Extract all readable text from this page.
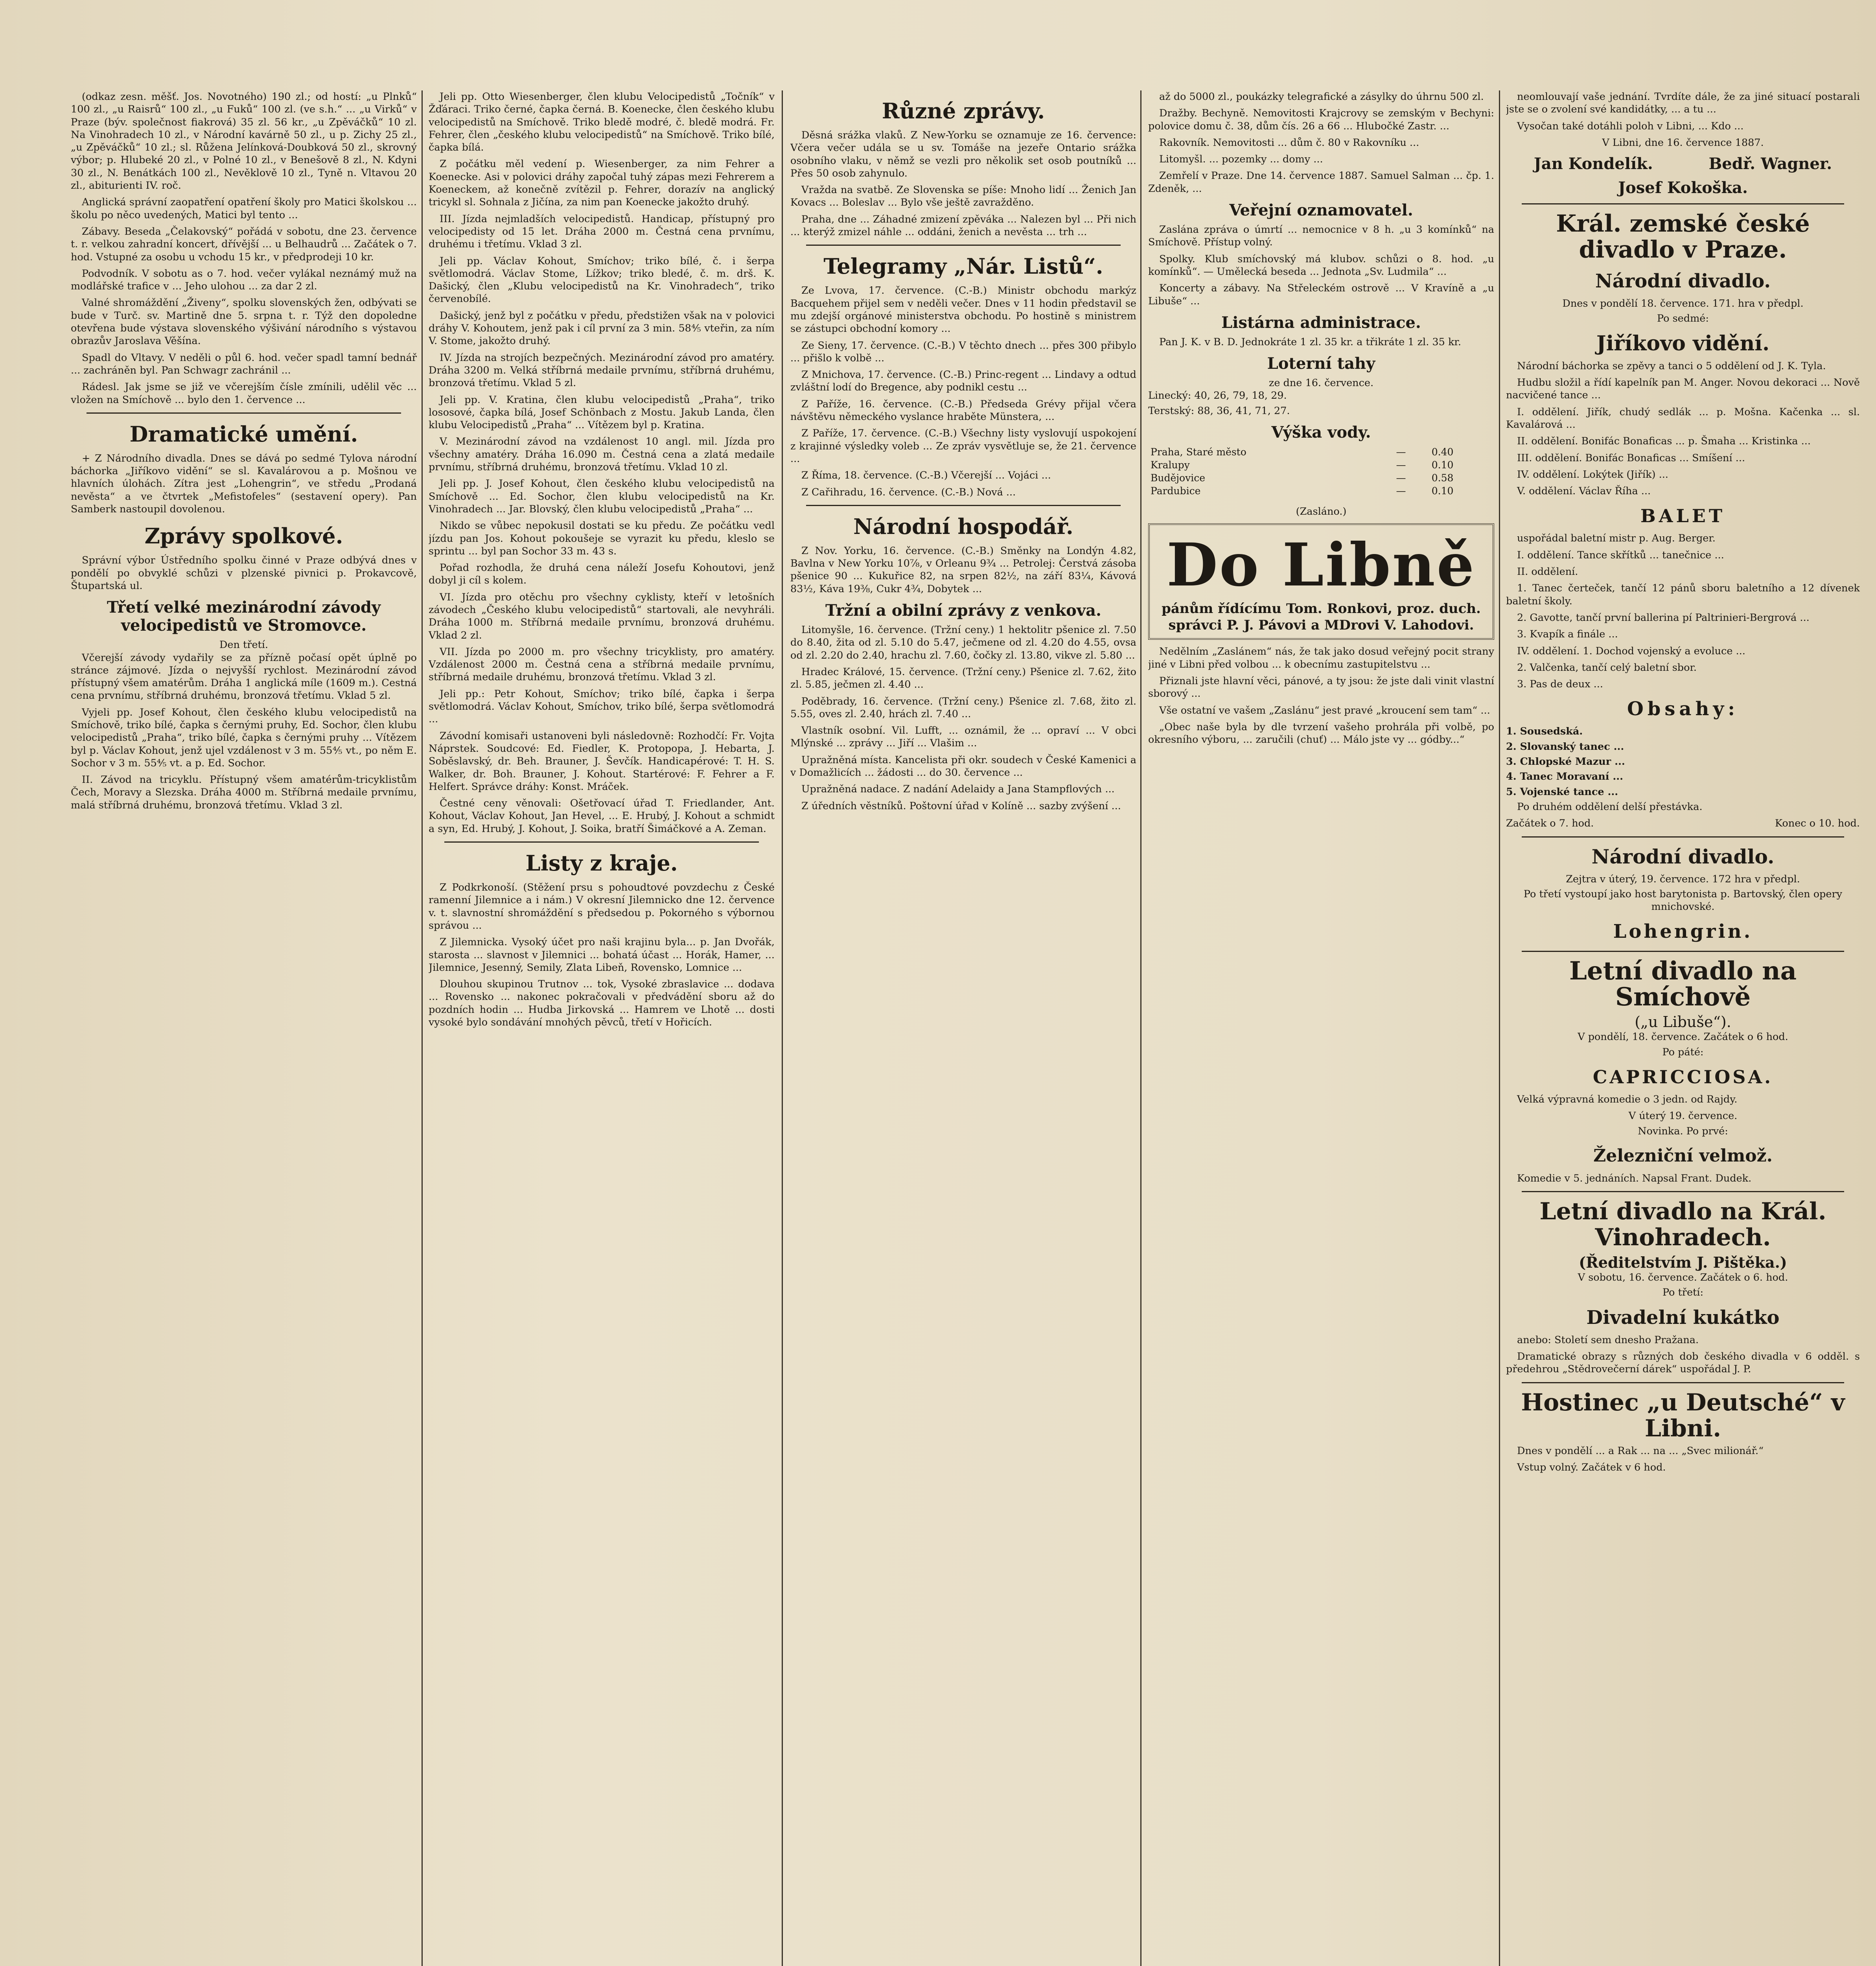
(odkaz zesn. měšť. Jos. Novotného) 190 zl.; od hostí: „u Plnků“ 100 zl., „u Raisrů“ 100 zl., „u Fuků“ 100 zl. (ve s.h.“ ... „u Virků“ v Praze (býv. společnost fiakrová) 35 zl. 56 kr., „u Zpěváčků“ 10 zl. Na Vinohradech 10 zl., v Národní kavárně 50 zl., u p. Zichy 25 zl., „u Zpěváčků“ 10 zl.; sl. Růžena Jelínková-Doubková 50 zl., skrovný výbor; p. Hlubeké 20 zl., v Polné 10 zl., v Benešově 8 zl., N. Kdyni 30 zl., N. Benátkách 100 zl., Nevěklově 10 zl., Tyně n. Vltavou 20 zl., abiturienti IV. roč.

Anglická správní zaopatření opatření školy pro Matici školskou ... školu po něco uvedených, Matici byl tento ...

Zábavy. Beseda „Čelakovský“ pořádá v sobotu, dne 23. července t. r. velkou zahradní koncert, dřívější ... u Belhaudrů ... Začátek o 7. hod. Vstupné za osobu u vchodu 15 kr., v předprodeji 10 kr.

Podvodník. V sobotu as o 7. hod. večer vylákal neznámý muž na modlářské trafice v ... Jeho ulohou ... za dar 2 zl.

Valné shromáždění „Živeny“, spolku slovenských žen, odbývati se bude v Turč. sv. Martině dne 5. srpna t. r. Týž den dopoledne otevřena bude výstava slovenského výšivání národního s výstavou obrazův Jaroslava Věšína.

Spadl do Vltavy. V neděli o půl 6. hod. večer spadl tamní bednář ... zachráněn byl. Pan Schwagr zachránil ...

Rádesl. Jak jsme se již ve včerejším čísle zmínili, udělil věc ... vložen na Smíchově ... bylo den 1. července ...

Dramatické umění.

+ Z Národního divadla. Dnes se dává po sedmé Tylova národní báchorka „Jiříkovo vidění“ se sl. Kavalárovou a p. Mošnou ve hlavních úlohách. Zítra jest „Lohengrin“, ve středu „Prodaná nevěsta“ a ve čtvrtek „Mefistofeles“ (sestavení opery). Pan Samberk nastoupil dovolenou.

Zprávy spolkové.

Správní výbor Ústředního spolku činné v Praze odbývá dnes v pondělí po obvyklé schůzi v plzenské pivnici p. Prokavcově, Štupartská ul.

Třetí velké mezinárodní závody velocipedistů ve Stromovce.
Den třetí.

Včerejší závody vydařily se za přízně počasí opět úplně po stránce zájmové. Jízda o nejvyšší rychlost. Mezinárodní závod přístupný všem amatérům. Dráha 1 anglická míle (1609 m.). Cestná cena prvnímu, stříbrná druhému, bronzová třetímu. Vklad 5 zl.

Vyjeli pp. Josef Kohout, člen českého klubu velocipedistů na Smíchově, triko bílé, čapka s černými pruhy, Ed. Sochor, člen klubu velocipedistů „Praha“, triko bílé, čapka s černými pruhy ... Vítězem byl p. Václav Kohout, jenž ujel vzdálenost v 3 m. 55⅘ vt., po něm E. Sochor v 3 m. 55⅘ vt. a p. Ed. Sochor.

II. Závod na tricyklu. Přístupný všem amatérům-tricyklistům Čech, Moravy a Slezska. Dráha 4000 m. Stříbrná medaile prvnímu, malá stříbrná druhému, bronzová třetímu. Vklad 3 zl.

Jeli pp. Otto Wiesenberger, člen klubu Velocipedistů „Točník“ v Žďáraci. Triko černé, čapka černá. B. Koenecke, člen českého klubu velocipedistů na Smíchově. Triko bledě modré, č. bledě modrá. Fr. Fehrer, člen „českého klubu velocipedistů“ na Smíchově. Triko bílé, čapka bílá.

Z počátku měl vedení p. Wiesenberger, za nim Fehrer a Koenecke. Asi v polovici dráhy započal tuhý zápas mezi Fehrerem a Koeneckem, až konečně zvítězil p. Fehrer, dorazív na anglický tricykl sl. Sohnala z Jičína, za nim pan Koenecke jakožto druhý.

III. Jízda nejmladších velocipedistů. Handicap, přístupný pro velocipedisty od 15 let. Dráha 2000 m. Čestná cena prvnímu, druhému i třetímu. Vklad 3 zl.

Jeli pp. Václav Kohout, Smíchov; triko bílé, č. i šerpa světlomodrá. Václav Stome, Lížkov; triko bledé, č. m. drš. K. Dašický, člen „Klubu velocipedistů na Kr. Vinohradech“, triko červenobílé.

Dašický, jenž byl z počátku v předu, předstižen však na v polovici dráhy V. Kohoutem, jenž pak i cíl první za 3 min. 58⅘ vteřin, za ním V. Stome, jakožto druhý.

IV. Jízda na strojích bezpečných. Mezinárodní závod pro amatéry. Dráha 3200 m. Velká stříbrná medaile prvnímu, stříbrná druhému, bronzová třetímu. Vklad 5 zl.

Jeli pp. V. Kratina, člen klubu velocipedistů „Praha“, triko lososové, čapka bílá, Josef Schönbach z Mostu. Jakub Landa, člen klubu Velocipedistů „Praha“ ... Vítězem byl p. Kratina.

V. Mezinárodní závod na vzdálenost 10 angl. mil. Jízda pro všechny amatéry. Dráha 16.090 m. Čestná cena a zlatá medaile prvnímu, stříbrná druhému, bronzová třetímu. Vklad 10 zl.

Jeli pp. J. Josef Kohout, člen českého klubu velocipedistů na Smíchově ... Ed. Sochor, člen klubu velocipedistů na Kr. Vinohradech ... Jar. Blovský, člen klubu velocipedistů „Praha“ ...

Nikdo se vůbec nepokusil dostati se ku předu. Ze počátku vedl jízdu pan Jos. Kohout pokoušeje se vyrazit ku předu, kleslo se sprintu ... byl pan Sochor 33 m. 43 s.

Pořad rozhodla, že druhá cena náleží Josefu Kohoutovi, jenž dobyl ji cíl s kolem.

VI. Jízda pro otěchu pro všechny cyklisty, kteří v letošních závodech „Českého klubu velocipedistů“ startovali, ale nevyhráli. Dráha 1000 m. Stříbrná medaile prvnímu, bronzová druhému. Vklad 2 zl.

VII. Jízda po 2000 m. pro všechny tricyklisty, pro amatéry. Vzdálenost 2000 m. Čestná cena a stříbrná medaile prvnímu, stříbrná medaile druhému, bronzová třetímu. Vklad 3 zl.

Jeli pp.: Petr Kohout, Smíchov; triko bílé, čapka i šerpa světlomodrá. Václav Kohout, Smíchov, triko bílé, šerpa světlomodrá ...

Závodní komisaři ustanoveni byli následovně: Rozhodčí: Fr. Vojta Náprstek. Soudcové: Ed. Fiedler, K. Protopopa, J. Hebarta, J. Soběslavský, dr. Beh. Brauner, J. Ševčík. Handicapérové: T. H. S. Walker, dr. Boh. Brauner, J. Kohout. Startérové: F. Fehrer a F. Helfert. Správce dráhy: Konst. Mráček.

Čestné ceny věnovali: Ošetřovací úřad T. Friedlander, Ant. Kohout, Václav Kohout, Jan Hevel, ... E. Hrubý, J. Kohout a schmidt a syn, Ed. Hrubý, J. Kohout, J. Soika, bratří Šimáčkové a A. Zeman.

Listy z kraje.

Z Podkrkonoší. (Stěžení prsu s pohoudtové povzdechu z České ramenní Jilemnice a i nám.) V okresní Jilemnicko dne 12. července v. t. slavnostní shromáždění s předsedou p. Pokorného s výbornou správou ...

Z Jilemnicka. Vysoký účet pro naši krajinu byla... p. Jan Dvořák, starosta ... slavnost v Jilemnici ... bohatá účast ... Horák, Hamer, ... Jilemnice, Jesenný, Semily, Zlata Libeň, Rovensko, Lomnice ...

Dlouhou skupinou Trutnov ... tok, Vysoké zbraslavice ... dodava ... Rovensko ... nakonec pokračovali v předvádění sboru až do pozdních hodin ... Hudba Jirkovská ... Hamrem ve Lhotě ... dosti vysoké bylo sondávání mnohých pěvců, třetí v Hořicích.

Různé zprávy.

Děsná srážka vlaků. Z New-Yorku se oznamuje ze 16. července: Včera večer udála se u sv. Tomáše na jezeře Ontario srážka osobního vlaku, v němž se vezli pro několik set osob poutníků ... Přes 50 osob zahynulo.

Vražda na svatbě. Ze Slovenska se píše: Mnoho lidí ... Ženich Jan Kovacs ... Boleslav ... Bylo vše ještě zavražděno.

Praha, dne ... Záhadné zmizení zpěváka ... Nalezen byl ... Při nich ... kterýž zmizel náhle ... oddáni, ženich a nevěsta ... trh ...

Telegramy „Nár. Listů“.

Ze Lvova, 17. července. (C.-B.) Ministr obchodu markýz Bacquehem přijel sem v neděli večer. Dnes v 11 hodin představil se mu zdejší orgánové ministerstva obchodu. Po hostině s ministrem se zástupci obchodní komory ...

Ze Sieny, 17. července. (C.-B.) V těchto dnech ... přes 300 přibylo ... přišlo k volbě ...

Z Mnichova, 17. července. (C.-B.) Princ-regent ... Lindavy a odtud zvláštní lodí do Bregence, aby podnikl cestu ...

Z Paříže, 16. července. (C.-B.) Předseda Grévy přijal včera návštěvu německého vyslance hraběte Münstera, ...

Z Paříže, 17. července. (C.-B.) Všechny listy vyslovují uspokojení z krajinné výsledky voleb ... Ze zpráv vysvětluje se, že 21. července ...

Z Říma, 18. července. (C.-B.) Včerejší ... Vojáci ...

Z Cařihradu, 16. července. (C.-B.) Nová ...

Národní hospodář.

Z Nov. Yorku, 16. července. (C.-B.) Směnky na Londýn 4.82, Bavlna v New Yorku 10⅞, v Orleanu 9¾ ... Petrolej: Čerstvá zásoba pšenice 90 ... Kukuřice 82, na srpen 82½, na září 83¼, Kávová 83½, Káva 19⅜, Cukr 4¾, Dobytek ...

Tržní a obilní zprávy z venkova.

Litomyšle, 16. července. (Tržní ceny.) 1 hektolitr pšenice zl. 7.50 do 8.40, žita od zl. 5.10 do 5.47, ječmene od zl. 4.20 do 4.55, ovsa od zl. 2.20 do 2.40, hrachu zl. 7.60, čočky zl. 13.80, vikve zl. 5.80 ...

Hradec Králové, 15. července. (Tržní ceny.) Pšenice zl. 7.62, žito zl. 5.85, ječmen zl. 4.40 ...

Poděbrady, 16. července. (Tržní ceny.) Pšenice zl. 7.68, žito zl. 5.55, oves zl. 2.40, hrách zl. 7.40 ...

Vlastník osobní. Vil. Lufft, ... oznámil, že ... opraví ... V obci Mlýnské ... zprávy ... Jiří ... Vlašim ...

Upražněná místa. Kancelista při okr. soudech v České Kamenici a v Domažlicích ... žádosti ... do 30. července ...

Upražněná nadace. Z nadání Adelaidy a Jana Stampflových ...

Z úředních věstníků. Poštovní úřad v Kolíně ... sazby zvýšení ...

až do 5000 zl., poukázky telegrafické a zásylky do úhrnu 500 zl.

Dražby. Bechyně. Nemovitosti Krajcrovy se zemským v Bechyni: polovice domu č. 38, dům čís. 26 a 66 ... Hlubočké Zastr. ...

Rakovník. Nemovitosti ... dům č. 80 v Rakovníku ...

Litomyšl. ... pozemky ... domy ...

Zemřelí v Praze. Dne 14. července 1887. Samuel Salman ... čp. 1. Zdeněk, ...

Veřejní oznamovatel.

Zaslána zpráva o úmrtí ... nemocnice v 8 h. „u 3 komínků“ na Smíchově. Přístup volný.

Spolky. Klub smíchovský má klubov. schůzi o 8. hod. „u komínků“. — Umělecká beseda ... Jednota „Sv. Ludmila“ ...

Koncerty a zábavy. Na Střeleckém ostrově ... V Kravíně a „u Libuše“ ...

Listárna administrace.

Pan J. K. v B. D. Jednokráte 1 zl. 35 kr. a třikráte 1 zl. 35 kr.

Loterní tahy
ze dne 16. července.
Linecký: 40, 26, 79, 18, 29.
Terstský: 88, 36, 41, 71, 27.
Výška vody.
Praha, Staré město	—	0.40
Kralupy	—	0.10
Budějovice	—	0.58
Pardubice	—	0.10
(Zasláno.)
Do Libně
pánům řídícímu Tom. Ronkovi, proz. duch. správci P. J. Pávovi a MDrovi V. Lahodovi.

Nedělním „Zaslánem“ nás, že tak jako dosud veřejný pocit strany jiné v Libni před volbou ... k obecnímu zastupitelstvu ...

Přiznali jste hlavní věci, pánové, a ty jsou: že jste dali vinit vlastní sborový ...

Vše ostatní ve vašem „Zaslánu“ jest pravé „kroucení sem tam“ ...

„Obec naše byla by dle tvrzení vašeho prohrála při volbě, po okresního výboru, ... zaručili (chuť) ... Málo jste vy ... gódby...“

neomlouvají vaše jednání. Tvrdíte dále, že za jiné situací postarali jste se o zvolení své kandidátky, ... a tu ...

Vysočan také dotáhli poloh v Libni, ... Kdo ...

V Libni, dne 16. července 1887.
Jan Kondelík.	Bedř. Wagner.
Josef Kokoška.
Král. zemské české divadlo v Praze.
Národní divadlo.
Dnes v pondělí 18. července. 171. hra v předpl.
Po sedmé:
Jiříkovo vidění.

Národní báchorka se zpěvy a tanci o 5 oddělení od J. K. Tyla.

Hudbu složil a řídí kapelník pan M. Anger. Novou dekoraci ... Nově nacvičené tance ...

I. oddělení. Jiřík, chudý sedlák ... p. Mošna. Kačenka ... sl. Kavalárová ...

II. oddělení. Bonifác Bonaficas ... p. Šmaha ... Kristinka ...

III. oddělení. Bonifác Bonaficas ... Smíšení ...

IV. oddělení. Lokýtek (Jiřík) ...

V. oddělení. Václav Říha ...

BALET

uspořádal baletní mistr p. Aug. Berger.

I. oddělení. Tance skřítků ... tanečnice ...

II. oddělení.

1. Tanec čerteček, tančí 12 pánů sboru baletního a 12 dívenek baletní školy.

2. Gavotte, tančí první ballerina pí Paltrinieri-Bergrová ...

3. Kvapík a finále ...

IV. oddělení. 1. Dochod vojenský a evoluce ...

2. Valčenka, tančí celý baletní sbor.

3. Pas de deux ...

Obsahy:
1. Sousedská.
2. Slovanský tanec ...
3. Chlopské Mazur ...
4. Tanec Moravaní ...
5. Vojenské tance ...

Po druhém oddělení delší přestávka.

Začátek o 7. hod.	Konec o 10. hod.
Národní divadlo.
Zejtra v úterý, 19. července. 172 hra v předpl.
Po třetí vystoupí jako host barytonista p. Bartovský, člen opery mnichovské.
Lohengrin.
Letní divadlo na Smíchově
(„u Libuše“).
V pondělí, 18. července. Začátek o 6 hod.
Po páté:
CAPRICCIOSA.

Velká výpravná komedie o 3 jedn. od Rajdy.

V úterý 19. července.
Novinka. Po prvé:
Železniční velmož.

Komedie v 5. jednáních. Napsal Frant. Dudek.

Letní divadlo na Král. Vinohradech.
(Ředitelstvím J. Pištěka.)
V sobotu, 16. července. Začátek o 6. hod.
Po třetí:
Divadelní kukátko

anebo: Století sem dnesho Pražana.

Dramatické obrazy s různých dob českého divadla v 6 odděl. s předehrou „Stědrovečerní dárek“ uspořádal J. P.

Hostinec „u Deutsché“ v Libni.

Dnes v pondělí ... a Rak ... na ... „Svec milionář.“

Vstup volný. Začátek v 6 hod.
